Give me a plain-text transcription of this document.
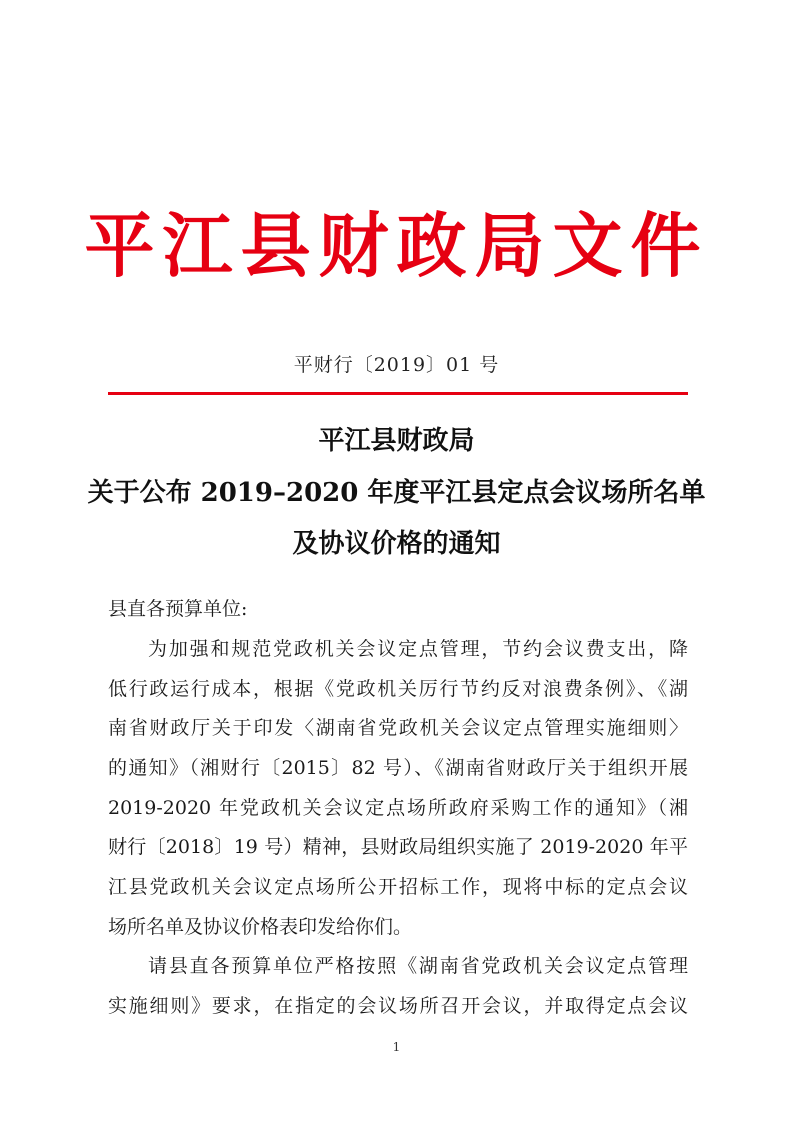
平江县财政局文件
平财行〔2019〕01 号
平江县财政局
关于公布 2019–2020 年度平江县定点会议场所名单
及协议价格的通知
县直各预算单位:
为加强和规范党政机关会议定点管理，节约会议费支出，降
低行政运行成本，根据《党政机关厉行节约反对浪费条例》、《湖
南省财政厅关于印发〈湖南省党政机关会议定点管理实施细则〉
的通知》（湘财行〔2015〕82 号）、《湖南省财政厅关于组织开展
2019-2020 年党政机关会议定点场所政府采购工作的通知》（湘
财行〔2018〕19 号）精神，县财政局组织实施了 2019-2020 年平
江县党政机关会议定点场所公开招标工作，现将中标的定点会议
场所名单及协议价格表印发给你们。
请县直各预算单位严格按照《湖南省党政机关会议定点管理
实施细则》要求，在指定的会议场所召开会议，并取得定点会议
1
